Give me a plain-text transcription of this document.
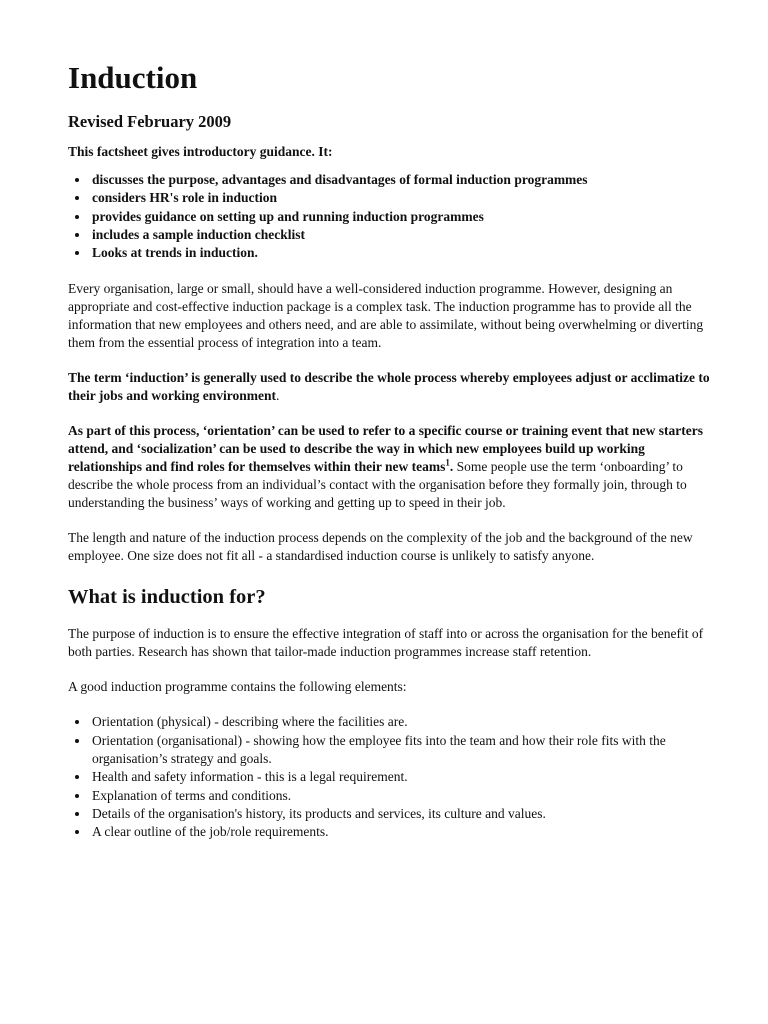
Induction

Revised February 2009

This factsheet gives introductory guidance. It:

• discusses the purpose, advantages and disadvantages of formal induction programmes
• considers HR's role in induction
• provides guidance on setting up and running induction programmes
• includes a sample induction checklist
• Looks at trends in induction.

Every organisation, large or small, should have a well-considered induction programme. However, designing an appropriate and cost-effective induction package is a complex task. The induction programme has to provide all the information that new employees and others need, and are able to assimilate, without being overwhelming or diverting them from the essential process of integration into a team.

The term ‘induction’ is generally used to describe the whole process whereby employees adjust or acclimatize to their jobs and working environment.

As part of this process, ‘orientation’ can be used to refer to a specific course or training event that new starters attend, and ‘socialization’ can be used to describe the way in which new employees build up working relationships and find roles for themselves within their new teams$^1$. Some people use the term ‘onboarding’ to describe the whole process from an individual’s contact with the organisation before they formally join, through to understanding the business’ ways of working and getting up to speed in their job.

The length and nature of the induction process depends on the complexity of the job and the background of the new employee. One size does not fit all - a standardised induction course is unlikely to satisfy anyone.

What is induction for?

The purpose of induction is to ensure the effective integration of staff into or across the organisation for the benefit of both parties. Research has shown that tailor-made induction programmes increase staff retention.

A good induction programme contains the following elements:

• Orientation (physical) - describing where the facilities are.
• Orientation (organisational) - showing how the employee fits into the team and how their role fits with the organisation’s strategy and goals.
• Health and safety information - this is a legal requirement.
• Explanation of terms and conditions.
• Details of the organisation's history, its products and services, its culture and values.
• A clear outline of the job/role requirements.
